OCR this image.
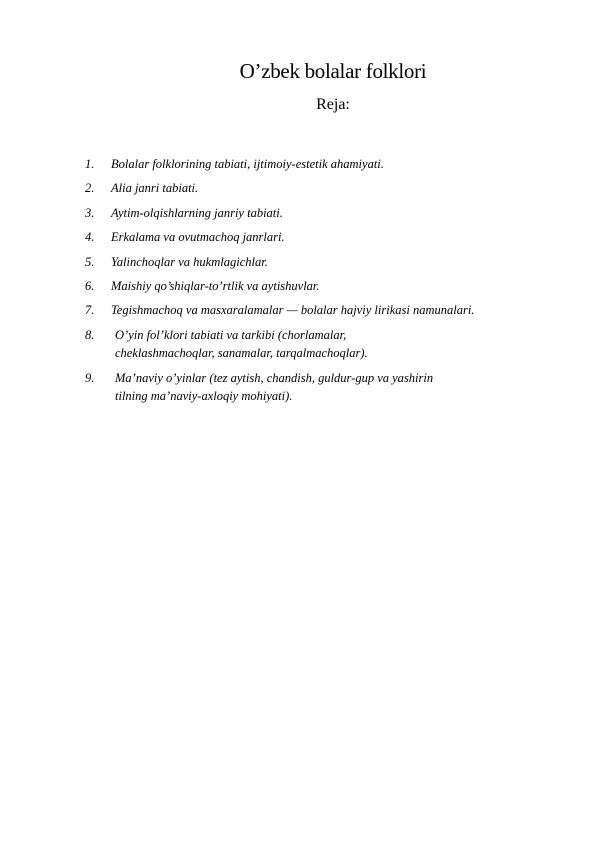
O’zbek bolalar folklori
Reja:
1. Bolalar folklorining tabiati, ijtimoiy-estetik ahamiyati.
2. Alia janri tabiati.
3. Aytim-olqishlarning janriy tabiati.
4. Erkalama va ovutmachoq janrlari.
5. Yalinchoqlar va hukmlagichlar.
6. Maishiy qo’shiqlar-to’rtlik va aytishuvlar.
7. Tegishmachoq va masxaralamalar — bolalar hajviy lirikasi namunalari.
8. O’yin fol’klori tabiati va tarkibi (chorlamalar,
cheklashmachoqlar, sanamalar, tarqalmachoqlar).
9. Ma’naviy o’yinlar (tez aytish, chandish, guldur-gup va yashirin
tilning ma’naviy-axloqiy mohiyati).
